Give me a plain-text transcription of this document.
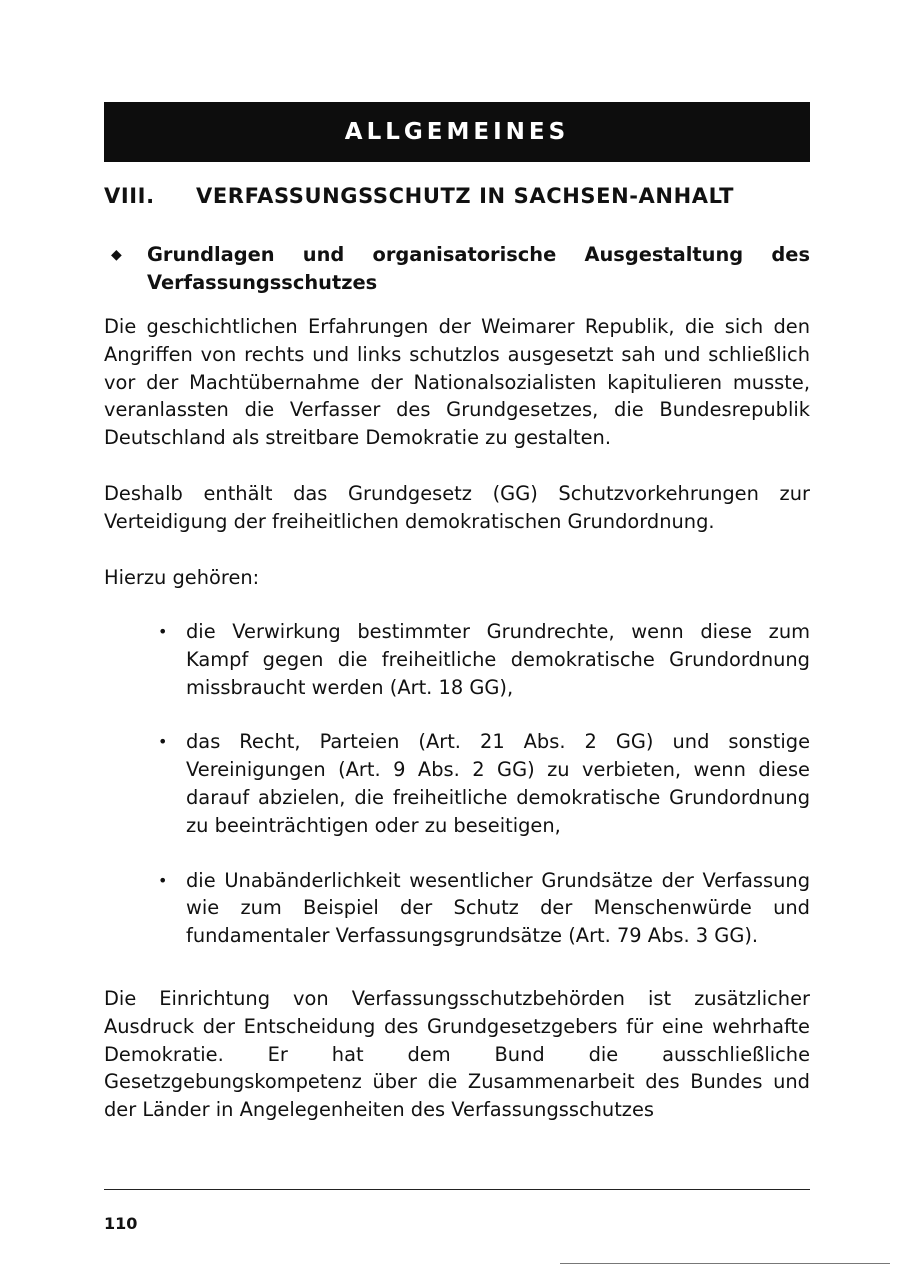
ALLGEMEINES
VIII. VERFASSUNGSSCHUTZ IN SACHSEN-ANHALT
◆ Grundlagen und organisatorische Ausgestaltung des Verfassungsschutzes
Die geschichtlichen Erfahrungen der Weimarer Republik, die sich den Angriffen von rechts und links schutzlos ausgesetzt sah und schließlich vor der Machtübernahme der Nationalsozialisten kapitulieren musste, veranlassten die Verfasser des Grundgesetzes, die Bundesrepublik Deutschland als streitbare Demokratie zu gestalten.
Deshalb enthält das Grundgesetz (GG) Schutzvorkehrungen zur Verteidigung der freiheitlichen demokratischen Grundordnung.
Hierzu gehören:
• die Verwirkung bestimmter Grundrechte, wenn diese zum Kampf gegen die freiheitliche demokratische Grundordnung missbraucht werden (Art. 18 GG),
• das Recht, Parteien (Art. 21 Abs. 2 GG) und sonstige Vereinigungen (Art. 9 Abs. 2 GG) zu verbieten, wenn diese darauf abzielen, die freiheitliche demokratische Grundordnung zu beeinträchtigen oder zu beseitigen,
• die Unabänderlichkeit wesentlicher Grundsätze der Verfassung wie zum Beispiel der Schutz der Menschenwürde und fundamentaler Verfassungsgrundsätze (Art. 79 Abs. 3 GG).
Die Einrichtung von Verfassungsschutzbehörden ist zusätzlicher Ausdruck der Entscheidung des Grundgesetzgebers für eine wehrhafte Demokratie. Er hat dem Bund die ausschließliche Gesetzgebungskompetenz über die Zusammenarbeit des Bundes und der Länder in Angelegenheiten des Verfassungsschutzes
110
